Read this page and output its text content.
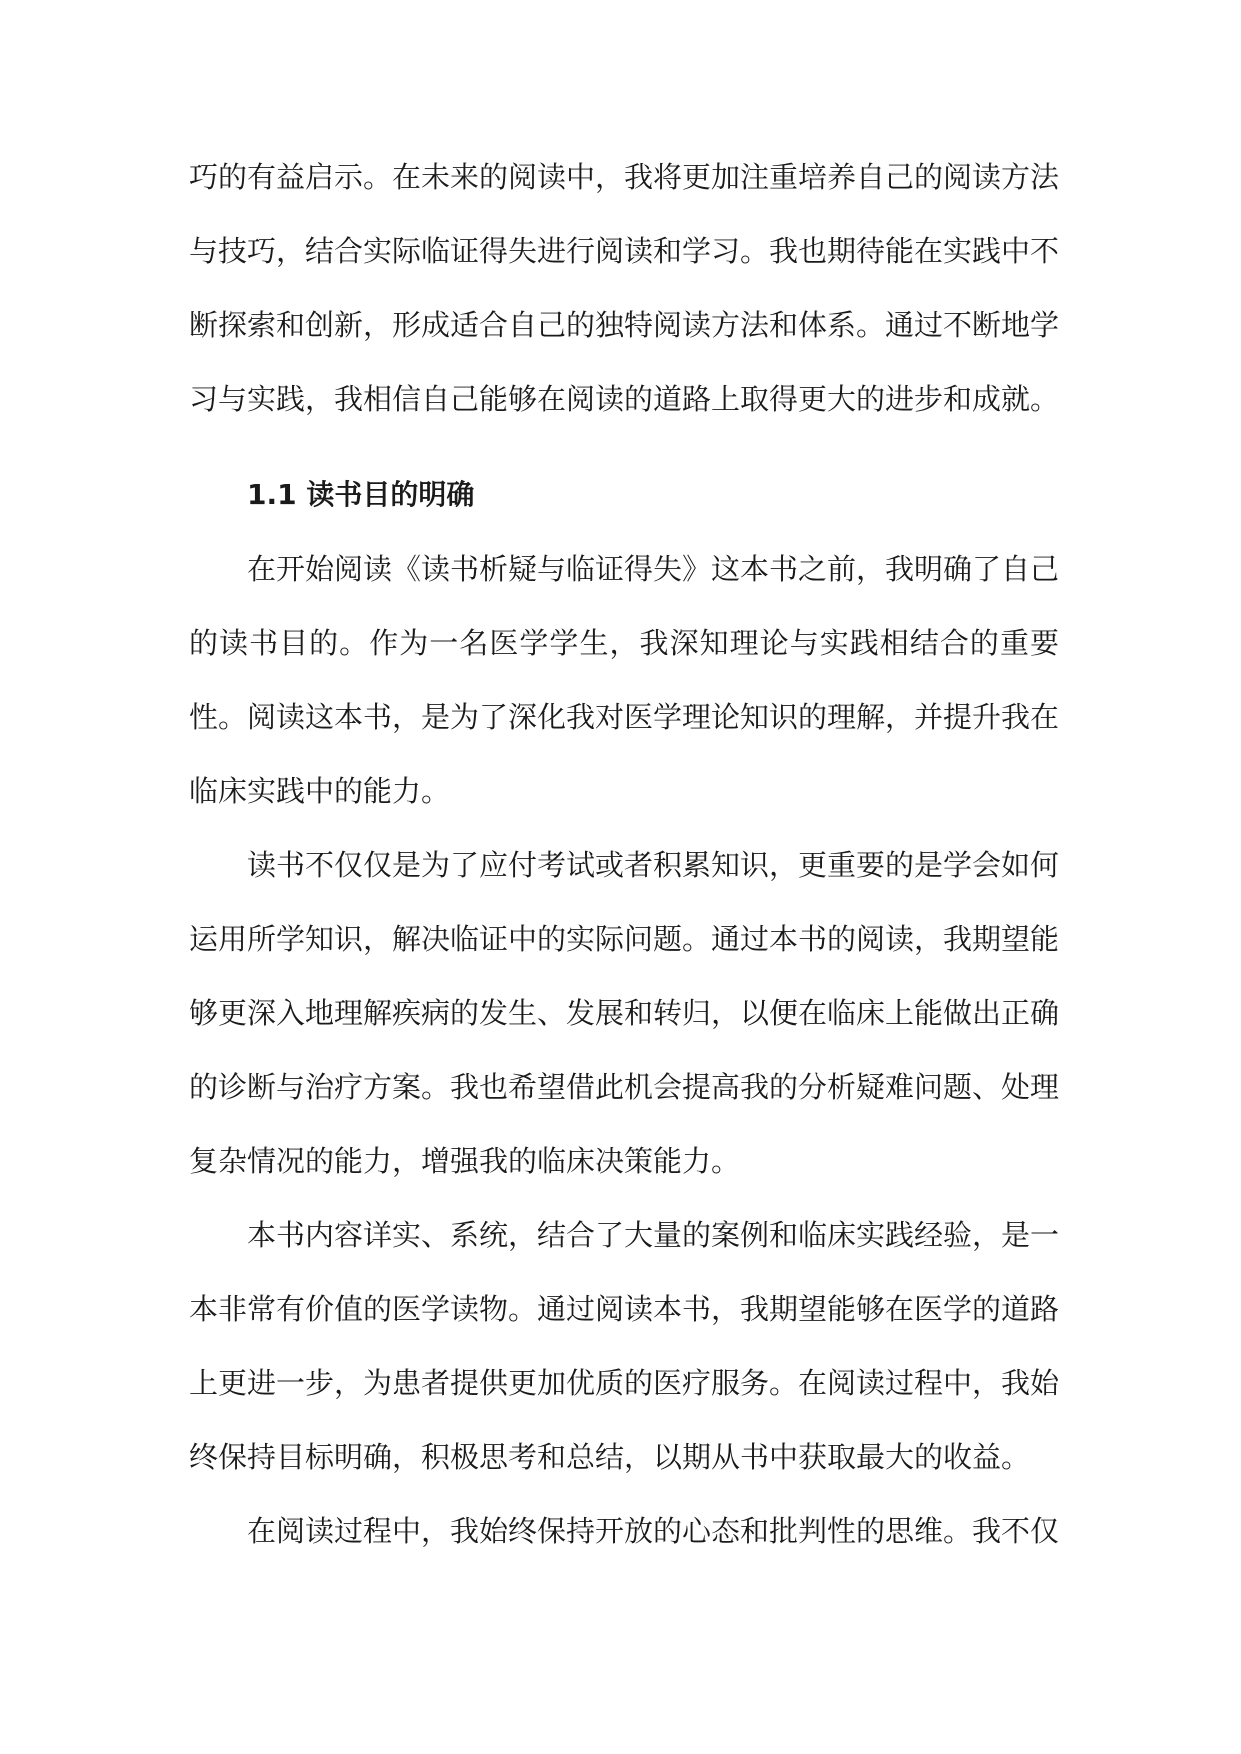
巧的有益启示。在未来的阅读中，我将更加注重培养自己的阅读方法与技巧，结合实际临证得失进行阅读和学习。我也期待能在实践中不断探索和创新，形成适合自己的独特阅读方法和体系。通过不断地学习与实践，我相信自己能够在阅读的道路上取得更大的进步和成就。

1.1 读书目的明确

在开始阅读《读书析疑与临证得失》这本书之前，我明确了自己的读书目的。作为一名医学学生，我深知理论与实践相结合的重要性。阅读这本书，是为了深化我对医学理论知识的理解，并提升我在临床实践中的能力。

读书不仅仅是为了应付考试或者积累知识，更重要的是学会如何运用所学知识，解决临证中的实际问题。通过本书的阅读，我期望能够更深入地理解疾病的发生、发展和转归，以便在临床上能做出正确的诊断与治疗方案。我也希望借此机会提高我的分析疑难问题、处理复杂情况的能力，增强我的临床决策能力。

本书内容详实、系统，结合了大量的案例和临床实践经验，是一本非常有价值的医学读物。通过阅读本书，我期望能够在医学的道路上更进一步，为患者提供更加优质的医疗服务。在阅读过程中，我始终保持目标明确，积极思考和总结，以期从书中获取最大的收益。

在阅读过程中，我始终保持开放的心态和批判性的思维。我不仅
